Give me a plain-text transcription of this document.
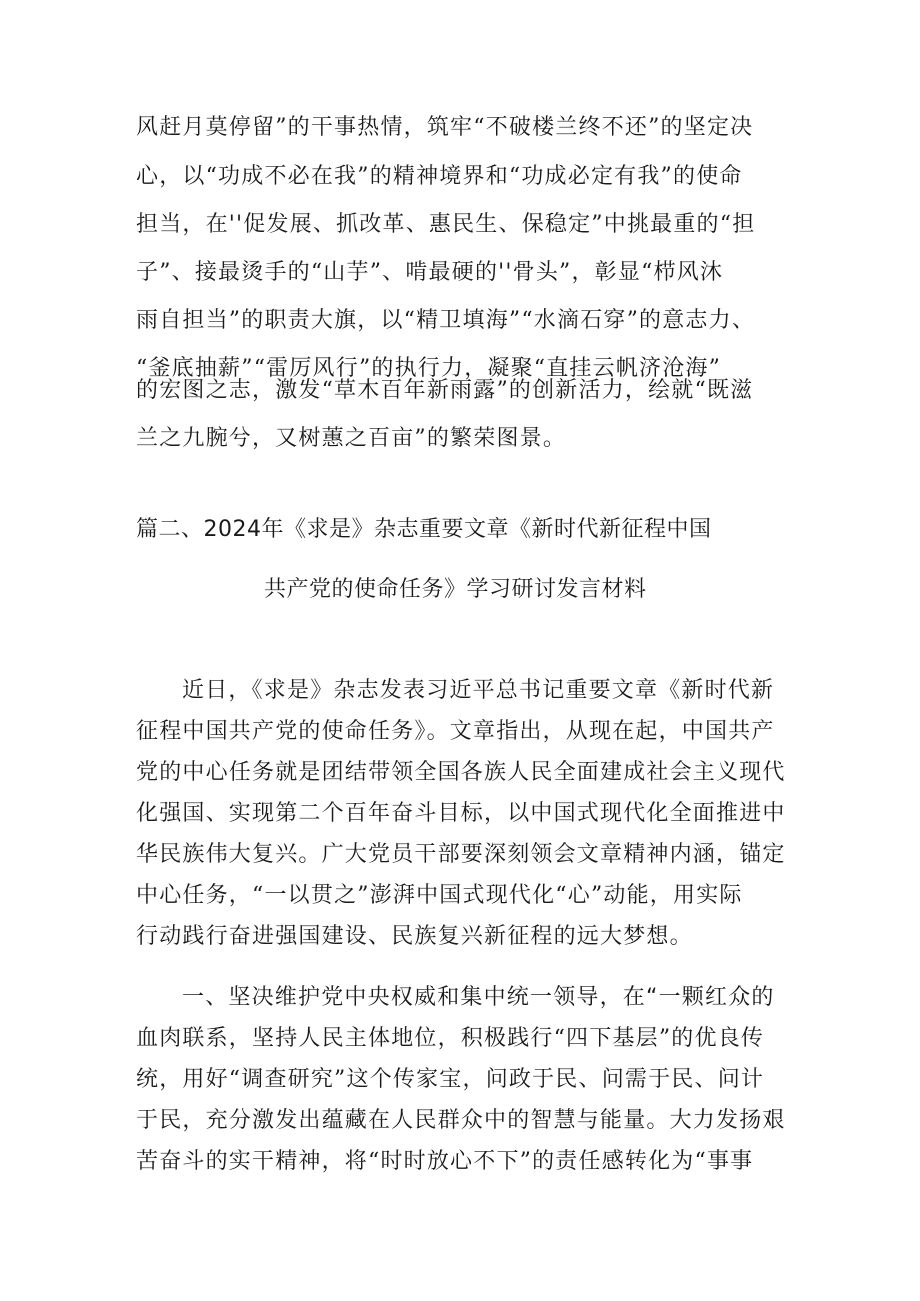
风赶月莫停留”的干事热情，筑牢“不破楼兰终不还”的坚定决
心，以“功成不必在我”的精神境界和“功成必定有我”的使命
担当，在''促发展、抓改革、惠民生、保稳定”中挑最重的“担
子”、接最烫手的“山芋”、啃最硬的''骨头”，彰显“栉风沐
雨自担当”的职责大旗，以“精卫填海”“水滴石穿”的意志力、
“釜底抽薪”“雷厉风行”的执行力，凝聚“直挂云帆济沧海”
的宏图之志，激发“草木百年新雨露”的创新活力，绘就“既滋
兰之九腕兮，又树蕙之百亩”的繁荣图景。
篇二、2024年《求是》杂志重要文章《新时代新征程中国
共产党的使命任务》学习研讨发言材料
近日，《求是》杂志发表习近平总书记重要文章《新时代新
征程中国共产党的使命任务》。文章指出，从现在起，中国共产
党的中心任务就是团结带领全国各族人民全面建成社会主义现代
化强国、实现第二个百年奋斗目标，以中国式现代化全面推进中
华民族伟大复兴。广大党员干部要深刻领会文章精神内涵，锚定
中心任务，“一以贯之”澎湃中国式现代化“心”动能，用实际
行动践行奋进强国建设、民族复兴新征程的远大梦想。
一、坚决维护党中央权威和集中统一领导，在“一颗红众的
血肉联系，坚持人民主体地位，积极践行“四下基层”的优良传
统，用好“调查研究”这个传家宝，问政于民、问需于民、问计
于民，充分激发出蕴藏在人民群众中的智慧与能量。大力发扬艰
苦奋斗的实干精神，将“时时放心不下”的责任感转化为“事事
